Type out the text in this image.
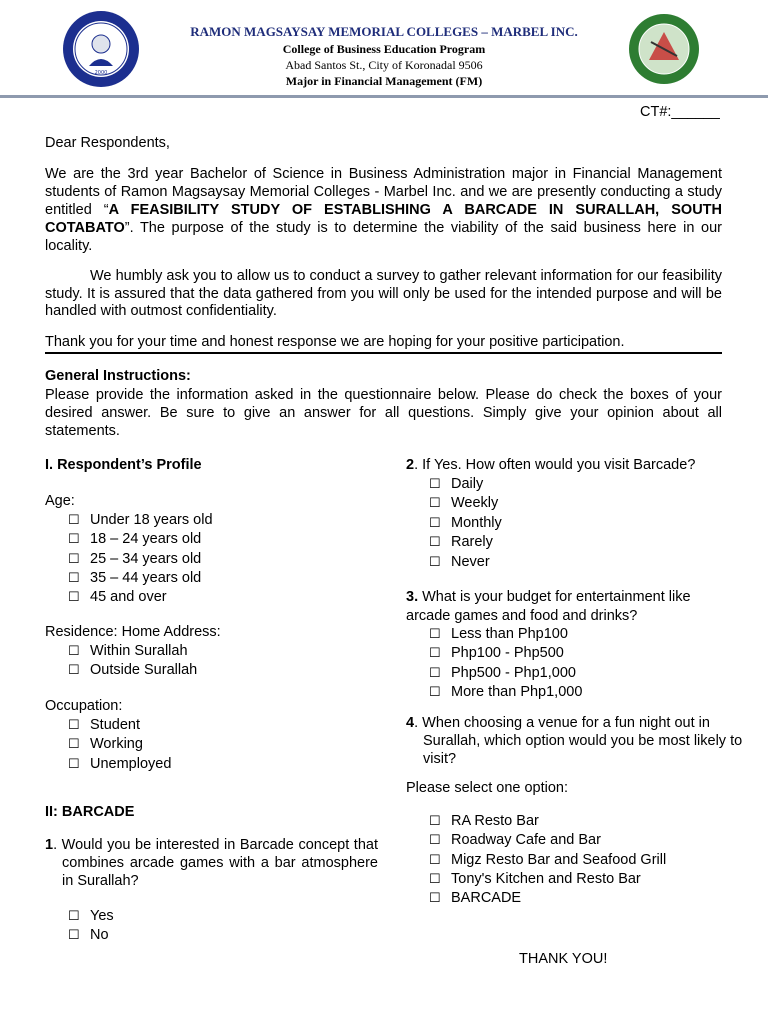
2000
RAMON MAGSAYSAY MEMORIAL COLLEGES – MARBEL INC.
College of Business Education Program
Abad Santos St., City of Koronadal 9506
Major in Financial Management (FM)
CT#:______
Dear Respondents,
We are the 3rd year Bachelor of Science in Business Administration major in Financial Management students of Ramon Magsaysay Memorial Colleges - Marbel Inc. and we are presently conducting a study entitled “A FEASIBILITY STUDY OF ESTABLISHING A BARCADE IN SURALLAH, SOUTH COTABATO”. The purpose of the study is to determine the viability of the said business here in our locality.
We humbly ask you to allow us to conduct a survey to gather relevant information for our feasibility study. It is assured that the data gathered from you will only be used for the intended purpose and will be handled with outmost confidentiality.
Thank you for your time and honest response we are hoping for your positive participation.
General Instructions:
Please provide the information asked in the questionnaire below. Please do check the boxes of your desired answer. Be sure to give an answer for all questions. Simply give your opinion about all statements.
I. Respondent’s Profile
Age:
☐ Under 18 years old
☐ 18 – 24 years old
☐ 25 – 34 years old
☐ 35 – 44 years old
☐ 45 and over
Residence: Home Address:
☐ Within Surallah
☐ Outside Surallah
Occupation:
☐ Student
☐ Working
☐ Unemployed
II: BARCADE
1. Would you be interested in Barcade concept that combines arcade games with a bar atmosphere in Surallah?
☐ Yes
☐ No
2. If Yes. How often would you visit Barcade?
☐ Daily
☐ Weekly
☐ Monthly
☐ Rarely
☐ Never
3. What is your budget for entertainment like arcade games and food and drinks?
☐ Less than Php100
☐ Php100 - Php500
☐ Php500 - Php1,000
☐ More than Php1,000
4. When choosing a venue for a fun night out in Surallah, which option would you be most likely to visit?
Please select one option:
☐ RA Resto Bar
☐ Roadway Cafe and Bar
☐ Migz Resto Bar and Seafood Grill
☐ Tony's Kitchen and Resto Bar
☐ BARCADE
THANK YOU!
